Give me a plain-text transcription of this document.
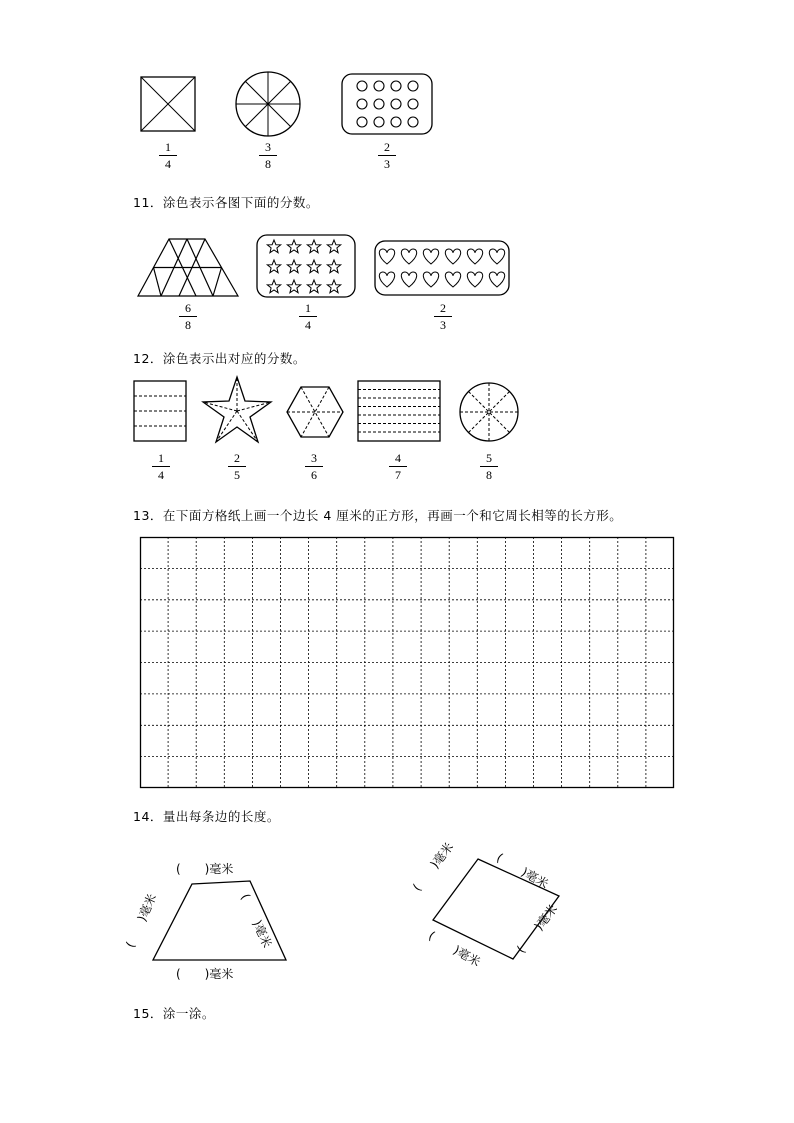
1
4
3
8
2
3
11．涂色表示各图下面的分数。
6
8
1
4
2
3
12．涂色表示出对应的分数。
1
4
2
5
3
6
4
7
5
8
13．在下面方格纸上画一个边长 4 厘米的正方形，再画一个和它周长相等的长方形。
14．量出每条边的长度。
(　　)毫米
(　　)毫米
(　　)毫米	(　　)毫米
(　　)毫米	(　　)毫米
(　　)毫米	(　　)毫米
15．涂一涂。
